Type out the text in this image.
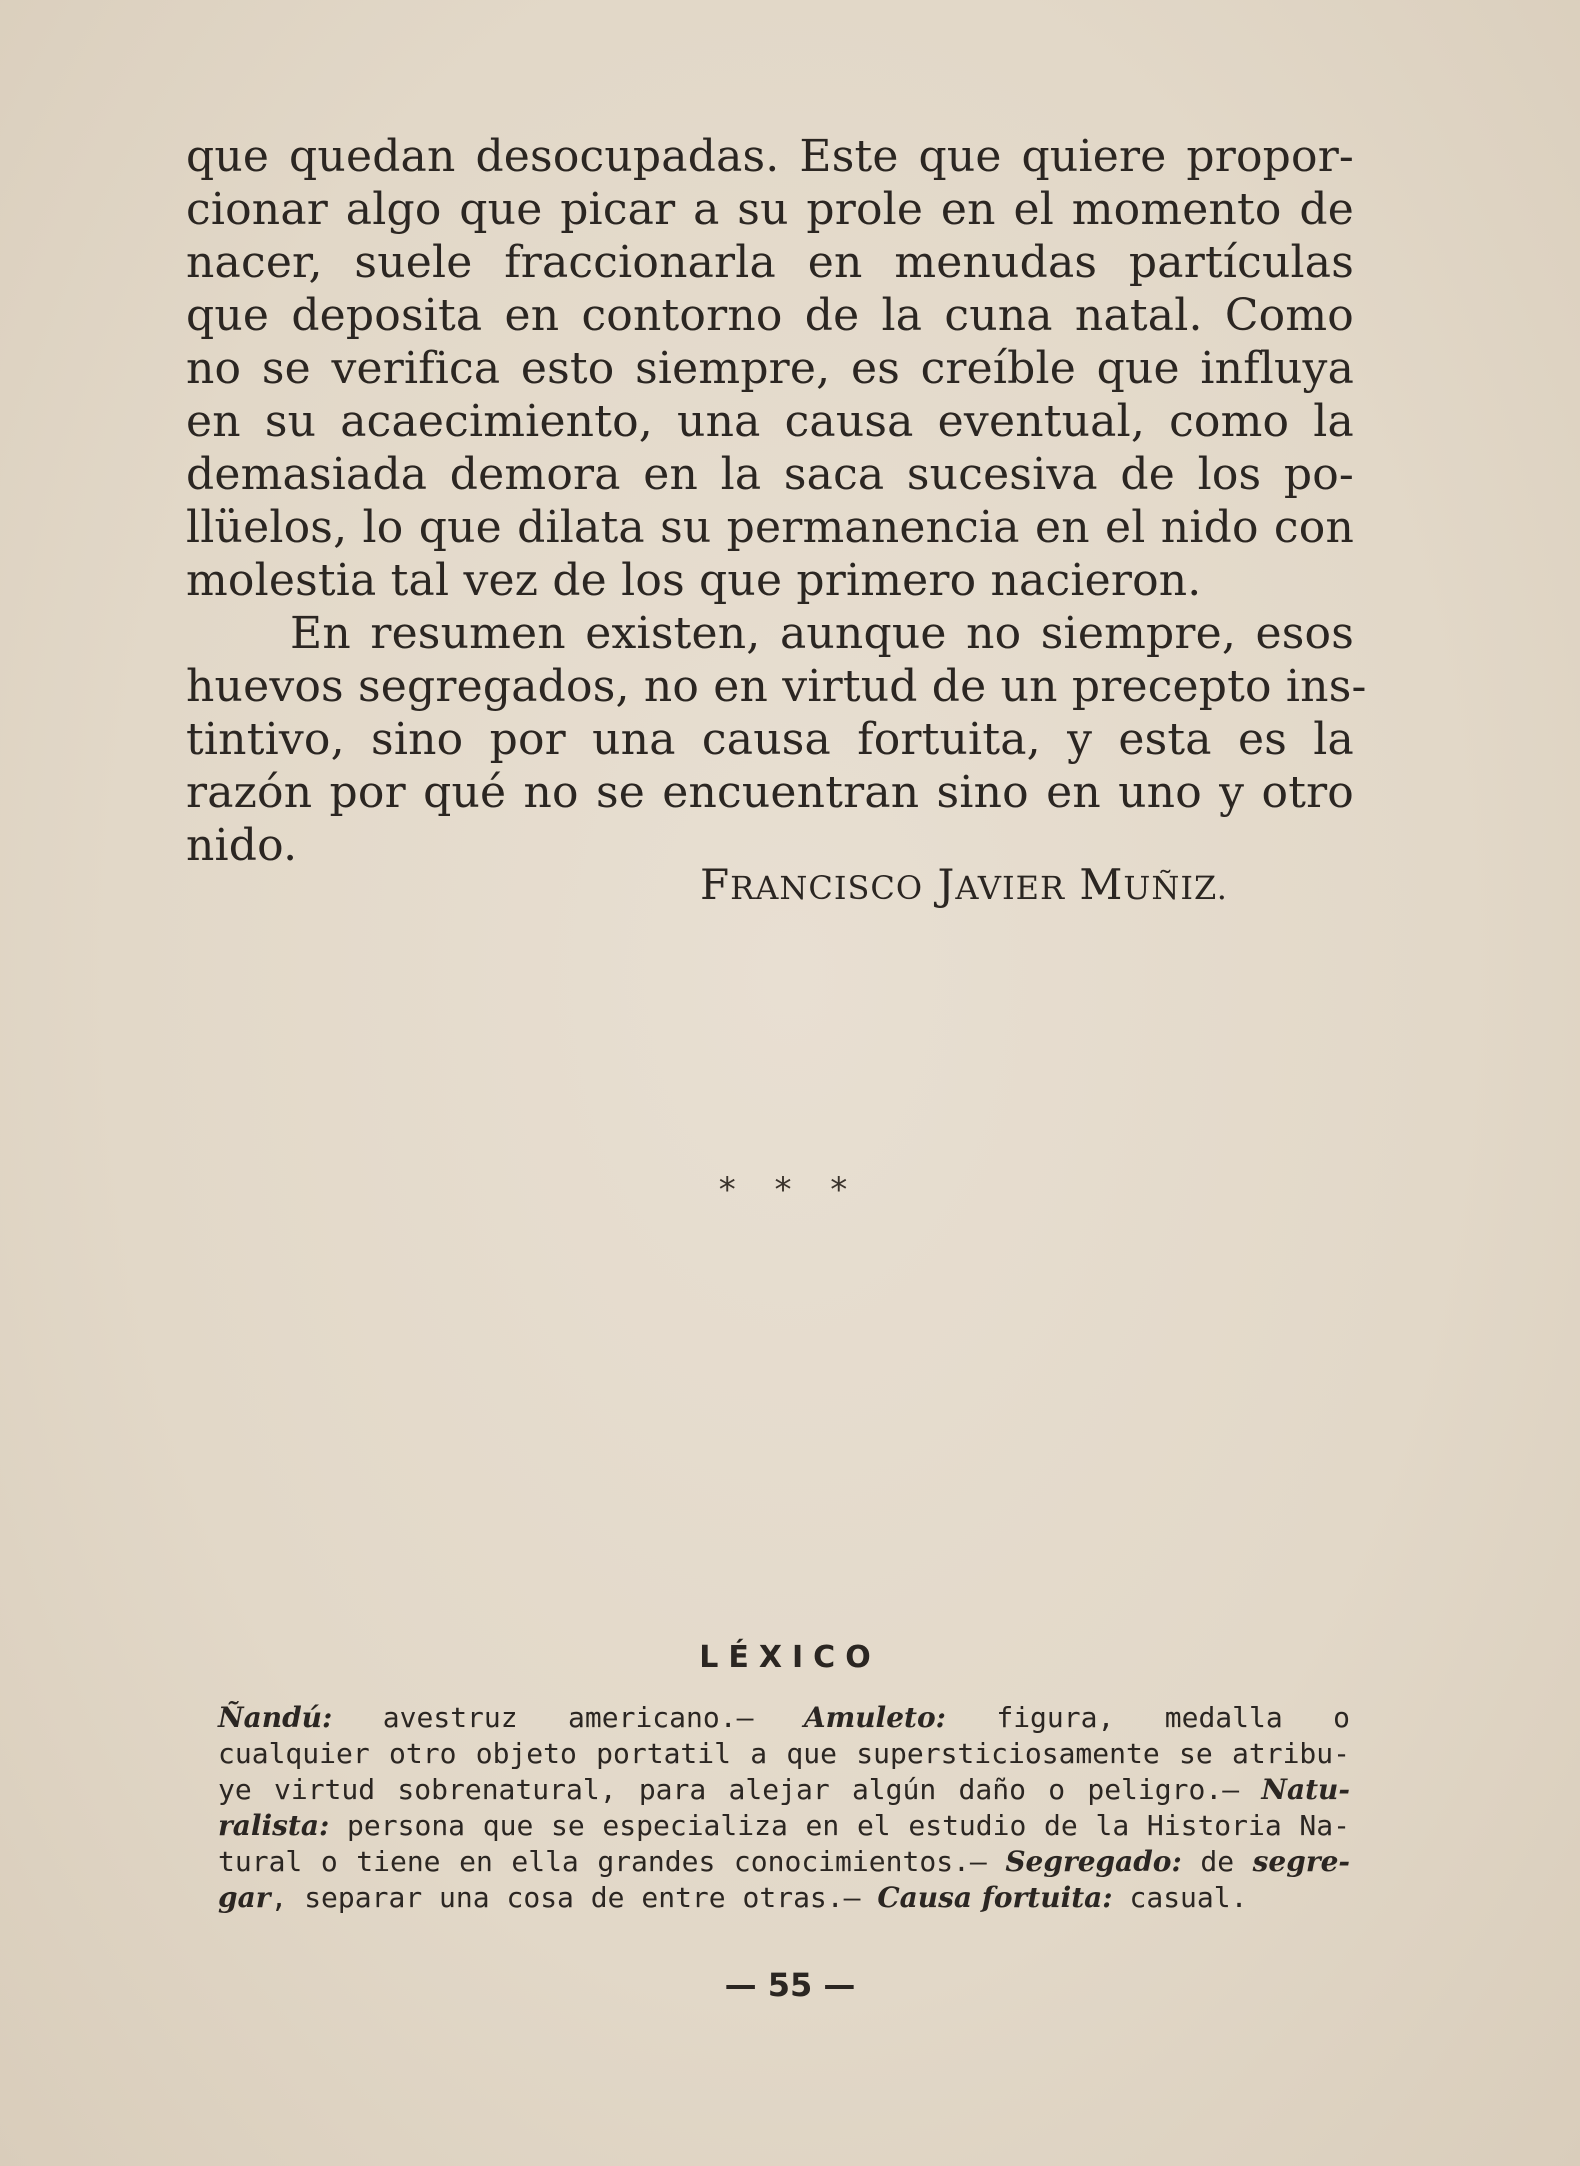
que quedan desocupadas. Este que quiere propor-
cionar algo que picar a su prole en el momento de
nacer, suele fraccionarla en menudas partículas
que deposita en contorno de la cuna natal. Como
no se verifica esto siempre, es creíble que influya
en su acaecimiento, una causa eventual, como la
demasiada demora en la saca sucesiva de los po-
llüelos, lo que dilata su permanencia en el nido con
molestia tal vez de los que primero nacieron.
En resumen existen, aunque no siempre, esos
huevos segregados, no en virtud de un precepto ins-
tintivo, sino por una causa fortuita, y esta es la
razón por qué no se encuentran sino en uno y otro
nido.
FRANCISCO JAVIER MUÑIZ.
* * *
LÉXICO
Ñandú: avestruz americano.— Amuleto: figura, medalla o
cualquier otro objeto portatil a que supersticiosamente se atribu-
ye virtud sobrenatural, para alejar algún daño o peligro.— Natu-
ralista: persona que se especializa en el estudio de la Historia Na-
tural o tiene en ella grandes conocimientos.— Segregado: de segre-
gar, separar una cosa de entre otras.— Causa fortuita: casual.
— 55 —
